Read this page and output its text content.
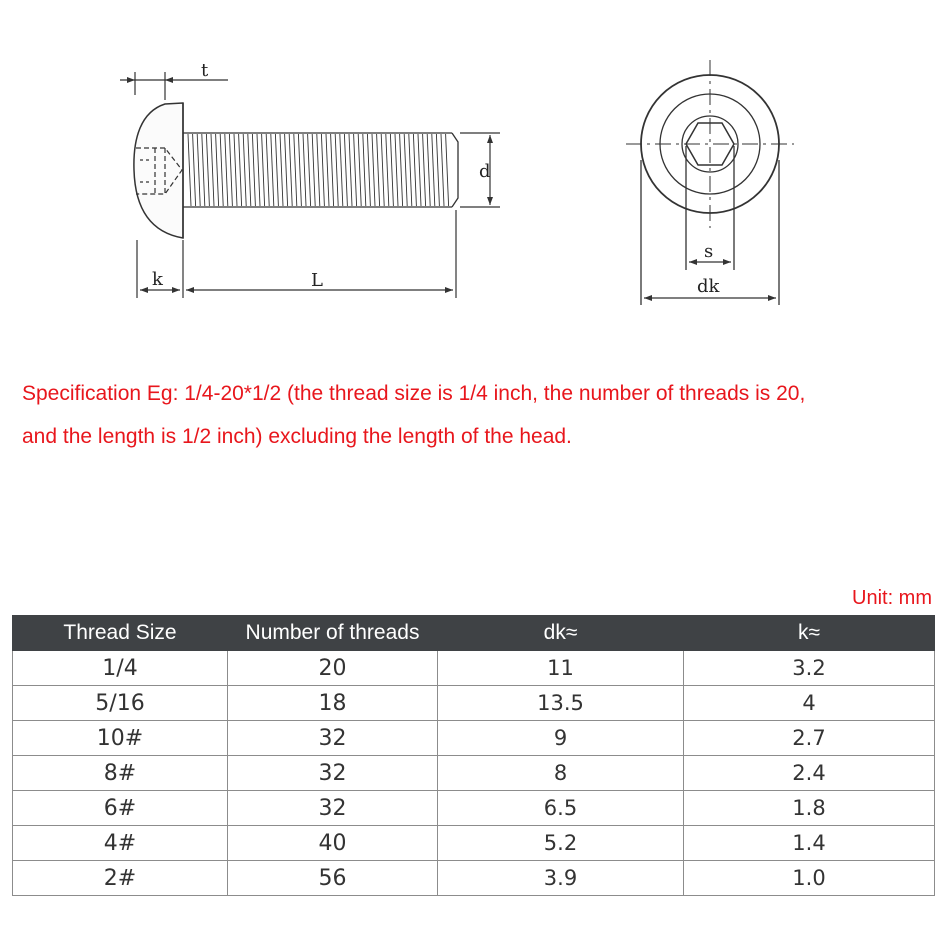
t
d
k	L
s
dk
Specification Eg: 1/4-20*1/2 (the thread size is 1/4 inch, the number of threads is 20,
and the length is 1/2 inch) excluding the length of the head.
Unit: mm
Thread Size	Number of threads	dk≈	k≈
1/4	20	11	3.2
5/16	18	13.5	4
10#	32	9	2.7
8#	32	8	2.4
6#	32	6.5	1.8
4#	40	5.2	1.4
2#	56	3.9	1.0
